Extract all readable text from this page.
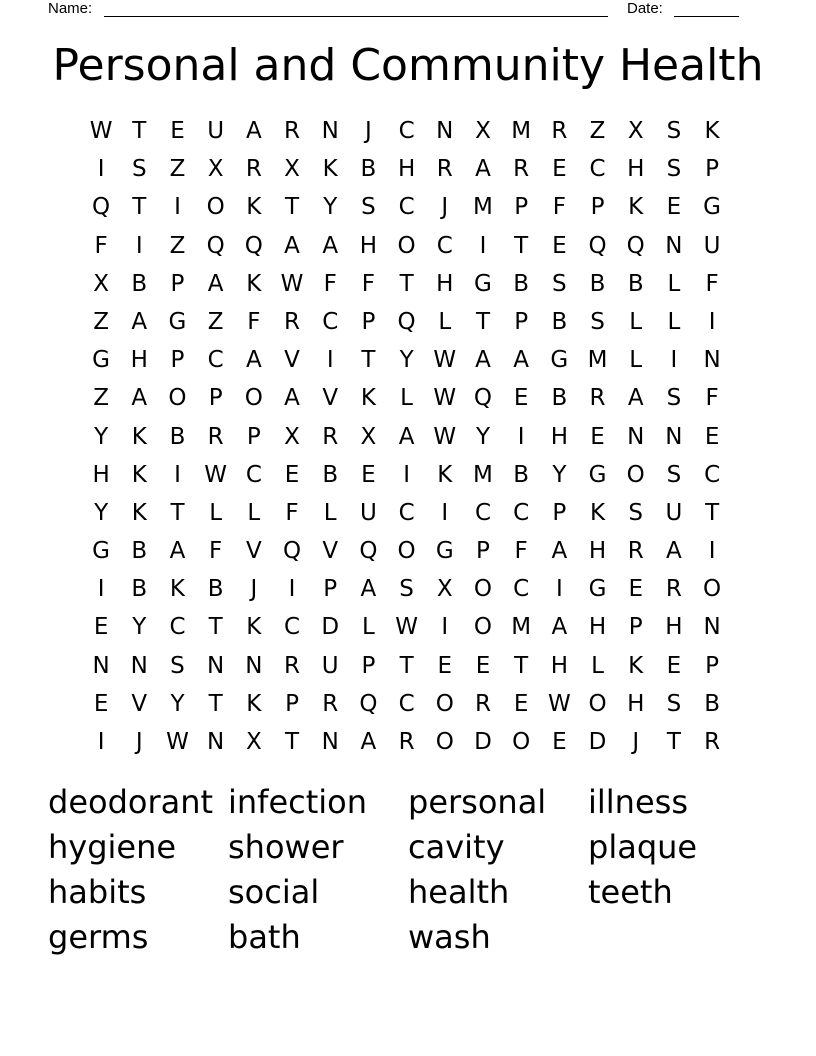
Name:	Date:
Personal and Community Health
W T	E U A R N	J	C N X M R Z X	S	K
I	S	Z X R X K B H R A R E C H S	P
Q T	I	O K	T	Y	S C	J	M P	F	P	K	E G
F	I	Z Q Q A A H O C	I	T	E Q Q N U
X B	P	A K W F	F	T H G B S	B B	L	F
Z A G Z	F	R C	P Q L	T	P	B S	L	L	I
G H P	C A V	I	T	Y W A A G M L	I	N
Z A O P O A V K	L W Q E	B R A	S	F
Y	K B R	P	X R X A W Y	I	H E N N E
H K	I	W C E	B	E	I	K M B	Y G O S C
Y	K	T	L	L	F	L	U C	I	C C	P	K	S U T
G B A	F	V Q V Q O G P	F	A H R A	I
I	B K B	J	I	P	A	S	X O C	I	G E R O
E	Y	C	T	K C D L W	I	O M A H P H N
N N S N N R U P	T	E	E	T H	L	K	E	P
E	V	Y	T	K	P	R Q C O R E W O H S	B
I	J	W N X	T N A R O D O E D	J	T	R
deodorant infection	personal	illness
hygiene	shower	cavity	plaque
habits	social	health	teeth
germs	bath	wash
